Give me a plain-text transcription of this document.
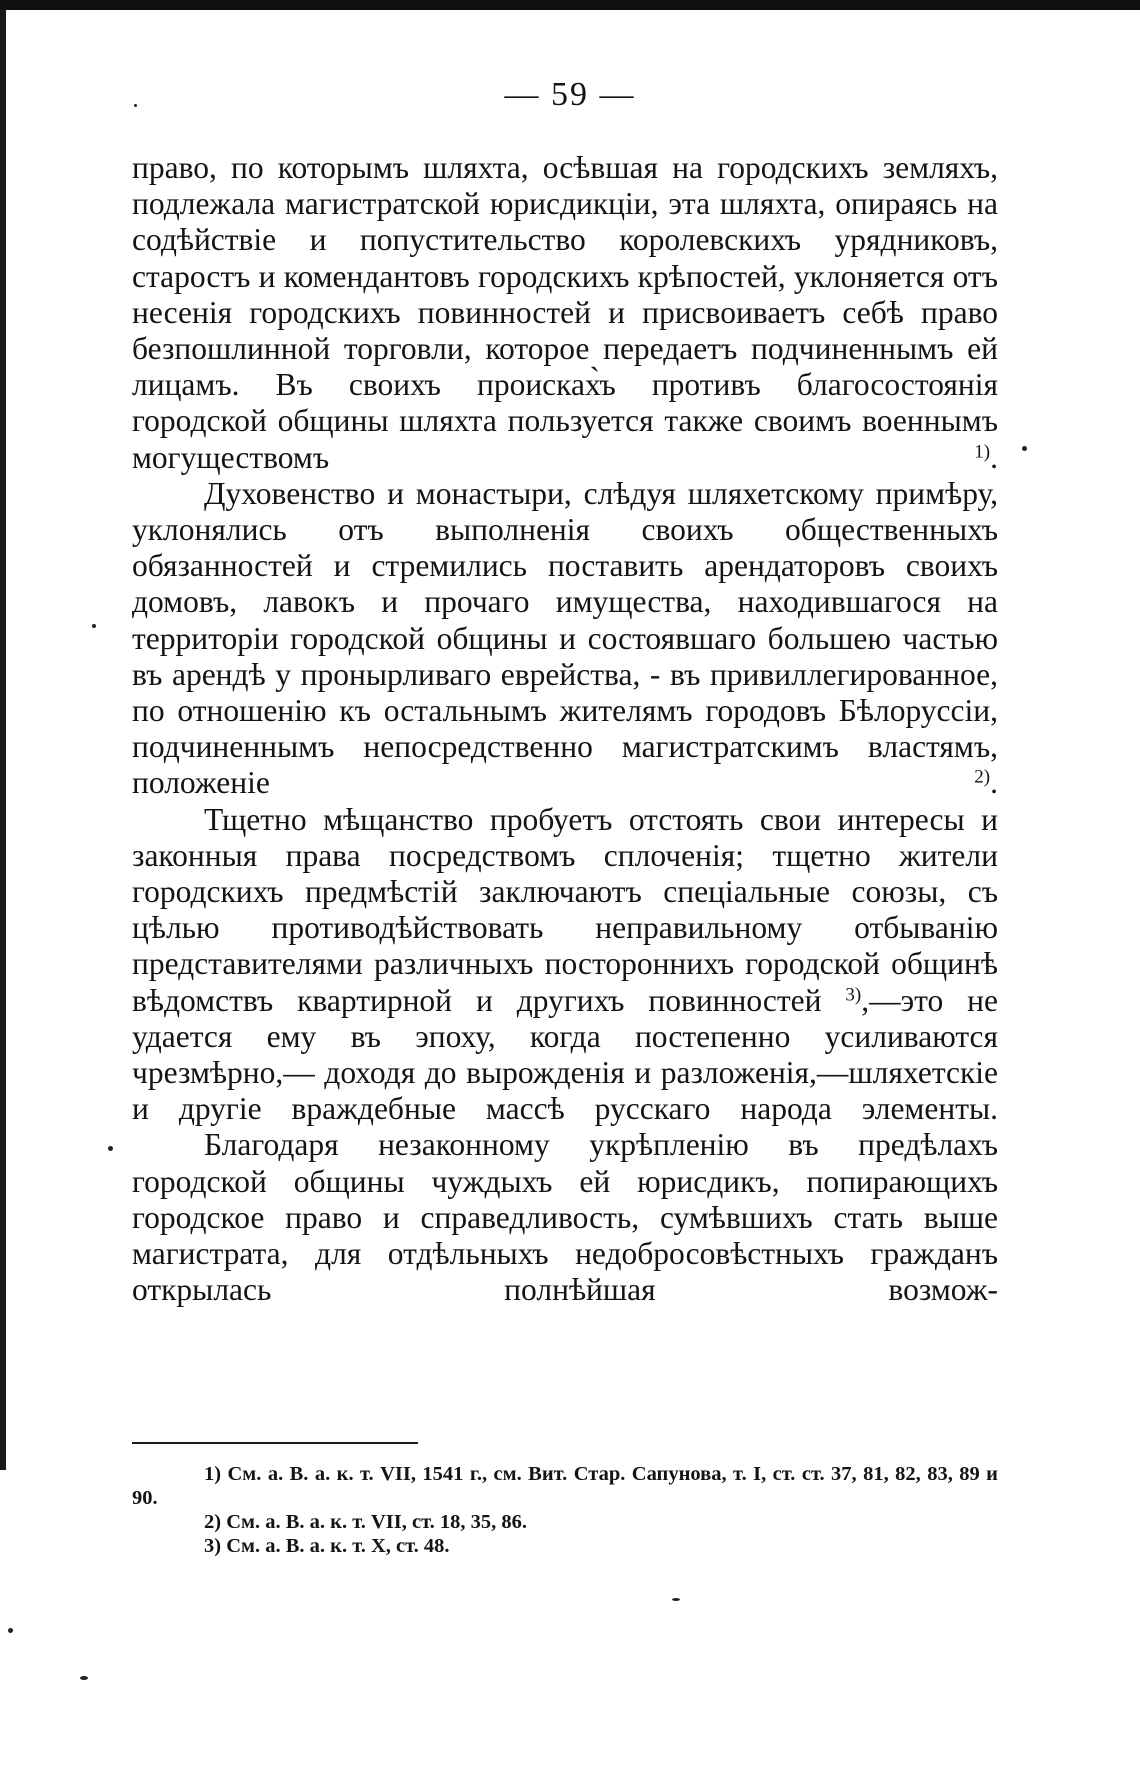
— 59 —

право, по которымъ шляхта, осѣвшая на городскихъ земляхъ, подлежала магистратской юрисдикціи, эта шляхта, опираясь на содѣйствіе и попустительство королевскихъ урядниковъ, старостъ и комендантовъ городскихъ крѣпостей, уклоняется отъ несенія городскихъ повинностей и присвоиваетъ себѣ право безпошлинной торговли, которое передаетъ подчиненнымъ ей лицамъ. Въ своихъ происках̀ъ противъ благосостоянія городской общины шляхта пользуется также своимъ военнымъ могуществомъ	$^{1)}$.

Духовенство и монастыри, слѣдуя шляхетскому примѣру, уклонялись отъ выполненія своихъ общественныхъ обязанностей и стремились поставить арендаторовъ своихъ домовъ, лавокъ и прочаго имущества, находившагося на территоріи городской общины и состоявшаго большею частью въ арендѣ у пронырливаго еврейства, - въ привиллегированное, по отношенію къ остальнымъ жителямъ городовъ Бѣлоруссіи, подчиненнымъ непосредственно магистратскимъ властямъ, положеніе	$^{2)}$.

Тщетно мѣщанство пробуетъ отстоять свои интересы и законныя права посредствомъ сплоченія; тщетно жители городскихъ предмѣстій заключаютъ спеціальные союзы, съ цѣлью противодѣйствовать неправильному отбыванію представителями различныхъ постороннихъ городской общинѣ вѣдомствъ квартирной и другихъ повинностей $^{3)}$,—это не удается ему въ эпоху, когда постепенно усиливаются чрезмѣрно,— доходя до вырожденія и разложенія,—шляхетскіе и другіе враждебные массѣ русскаго народа элементы.

Благодаря незаконному укрѣпленію въ предѣлахъ городской общины чуждыхъ ей юрисдикъ, попирающихъ городское право и справедливость, сумѣвшихъ стать выше магистрата, для отдѣльныхъ недобросовѣстныхъ гражданъ открылась полнѣйшая возмож-

1) См. а. В. а. к. т. VII, 1541 г., см. Вит. Стар. Сапунова, т. I, ст. ст. 37, 81, 82, 83, 89 и 90.

2) См. а. В. а. к. т. VII, ст. 18, 35, 86.

3) См. а. В. а. к. т. X, ст. 48.
